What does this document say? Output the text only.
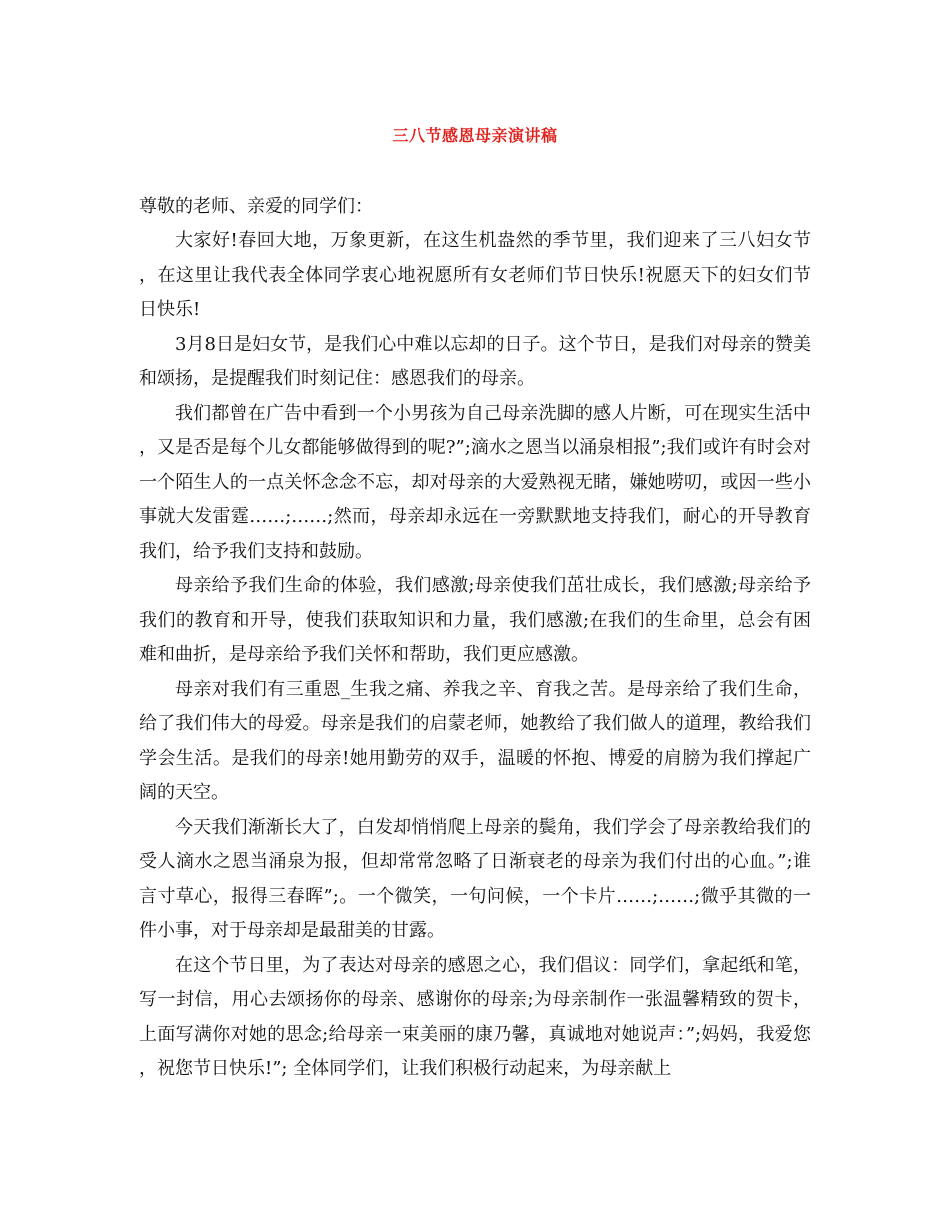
三八节感恩母亲演讲稿

尊敬的老师、亲爱的同学们：

大家好!春回大地，万象更新，在这生机盎然的季节里，我们迎来了三八妇女节，在这里让我代表全体同学衷心地祝愿所有女老师们节日快乐!祝愿天下的妇女们节日快乐!

3月8日是妇女节，是我们心中难以忘却的日子。这个节日，是我们对母亲的赞美和颂扬，是提醒我们时刻记住：感恩我们的母亲。

我们都曾在广告中看到一个小男孩为自己母亲洗脚的感人片断，可在现实生活中，又是否是每个儿女都能够做得到的呢?”;滴水之恩当以涌泉相报”;我们或许有时会对一个陌生人的一点关怀念念不忘，却对母亲的大爱熟视无睹，嫌她唠叨，或因一些小事就大发雷霆……;……;然而，母亲却永远在一旁默默地支持我们，耐心的开导教育我们，给予我们支持和鼓励。

母亲给予我们生命的体验，我们感激;母亲使我们茁壮成长，我们感激;母亲给予我们的教育和开导，使我们获取知识和力量，我们感激;在我们的生命里，总会有困难和曲折，是母亲给予我们关怀和帮助，我们更应感激。

母亲对我们有三重恩_生我之痛、养我之辛、育我之苦。是母亲给了我们生命，给了我们伟大的母爱。母亲是我们的启蒙老师，她教给了我们做人的道理，教给我们学会生活。是我们的母亲!她用勤劳的双手，温暖的怀抱、博爱的肩膀为我们撑起广阔的天空。

今天我们渐渐长大了，白发却悄悄爬上母亲的鬓角，我们学会了母亲教给我们的受人滴水之恩当涌泉为报，但却常常忽略了日渐衰老的母亲为我们付出的心血。”;谁言寸草心，报得三春晖”;。一个微笑，一句问候，一个卡片……;……;微乎其微的一件小事，对于母亲却是最甜美的甘露。

在这个节日里，为了表达对母亲的感恩之心，我们倡议：同学们，拿起纸和笔，写一封信，用心去颂扬你的母亲、感谢你的母亲;为母亲制作一张温馨精致的贺卡，上面写满你对她的思念;给母亲一束美丽的康乃馨，真诚地对她说声：”;妈妈，我爱您，祝您节日快乐!”; 全体同学们，让我们积极行动起来，为母亲献上
